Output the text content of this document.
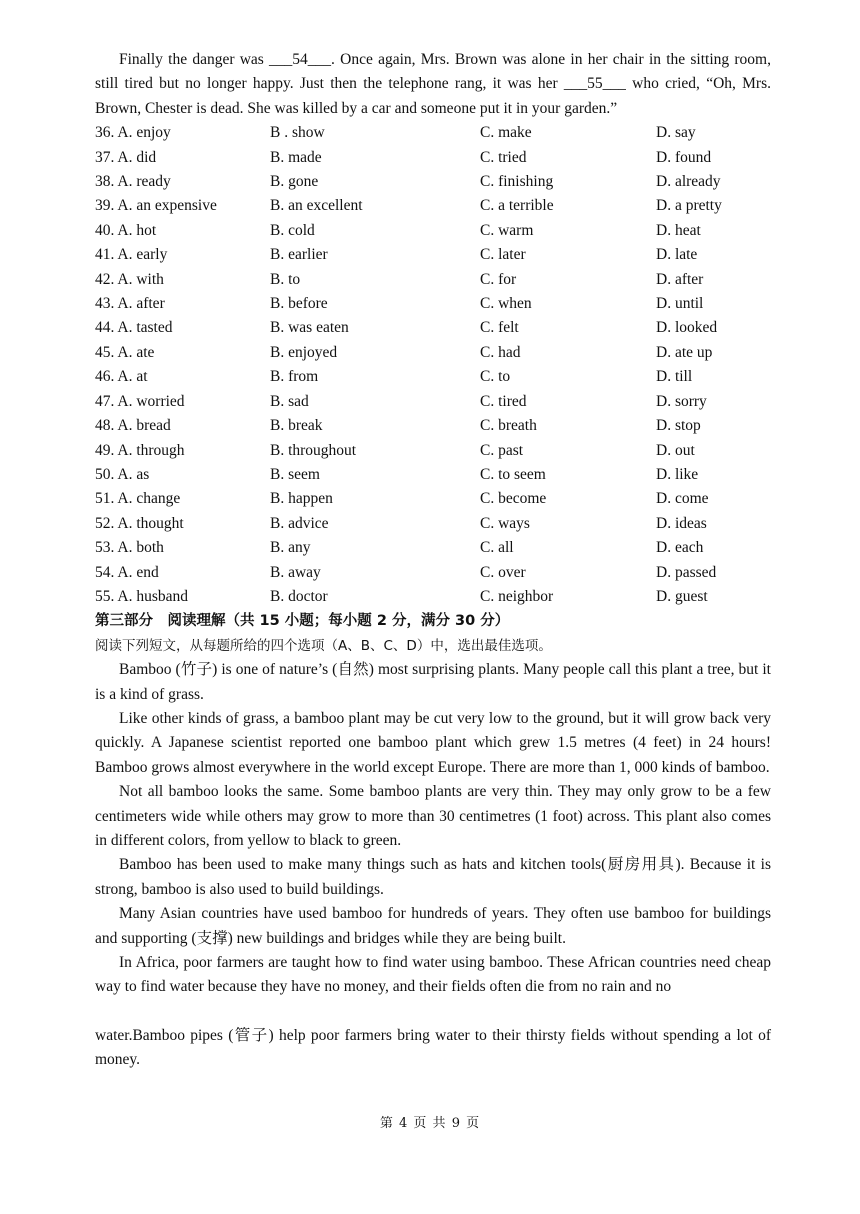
Finally the danger was ___54___. Once again, Mrs. Brown was alone in her chair in the sitting room, still tired but no longer happy. Just then the telephone rang, it was her ___55___ who cried, “Oh, Mrs. Brown, Chester is dead. She was killed by a car and someone put it in your garden.”

36. A. enjoy	B . show	C. make	D. say
37. A. did	B. made	C. tried	D. found
38. A. ready	B. gone	C. finishing	D. already
39. A. an expensive	B. an excellent	C. a terrible	D. a pretty
40. A. hot	B. cold	C. warm	D. heat
41. A. early	B. earlier	C. later	D. late
42. A. with	B. to	C. for	D. after
43. A. after	B. before	C. when	D. until
44. A. tasted	B. was eaten	C. felt	D. looked
45. A. ate	B. enjoyed	C. had	D. ate up
46. A. at	B. from	C. to	D. till
47. A. worried	B. sad	C. tired	D. sorry
48. A. bread	B. break	C. breath	D. stop
49. A. through	B. throughout	C. past	D. out
50. A. as	B. seem	C. to seem	D. like
51. A. change	B. happen	C. become	D. come
52. A. thought	B. advice	C. ways	D. ideas
53. A. both	B. any	C. all	D. each
54. A. end	B. away	C. over	D. passed
55. A. husband	B. doctor	C. neighbor	D. guest
第三部分　阅读理解（共 15 小题；每小题 2 分，满分 30 分）
阅读下列短文，从每题所给的四个选项（A、B、C、D）中，选出最佳选项。

Bamboo (竹子) is one of nature’s (自然) most surprising plants. Many people call this plant a tree, but it is a kind of grass.

Like other kinds of grass, a bamboo plant may be cut very low to the ground, but it will grow back very quickly. A Japanese scientist reported one bamboo plant which grew 1.5 metres (4 feet) in 24 hours! Bamboo grows almost everywhere in the world except Europe. There are more than 1, 000 kinds of bamboo.

Not all bamboo looks the same. Some bamboo plants are very thin. They may only grow to be a few centimeters wide while others may grow to more than 30 centimetres (1 foot) across. This plant also comes in different colors, from yellow to black to green.

Bamboo has been used to make many things such as hats and kitchen tools(厨房用具). Because it is strong, bamboo is also used to build buildings.

Many Asian countries have used bamboo for hundreds of years. They often use bamboo for buildings and supporting (支撑) new buildings and bridges while they are being built.

In Africa, poor farmers are taught how to find water using bamboo. These African countries need cheap way to find water because they have no money, and their fields often die from no rain and no

water.Bamboo pipes (管子) help poor farmers bring water to their thirsty fields without spending a lot of money.

第 4 页 共 9 页
